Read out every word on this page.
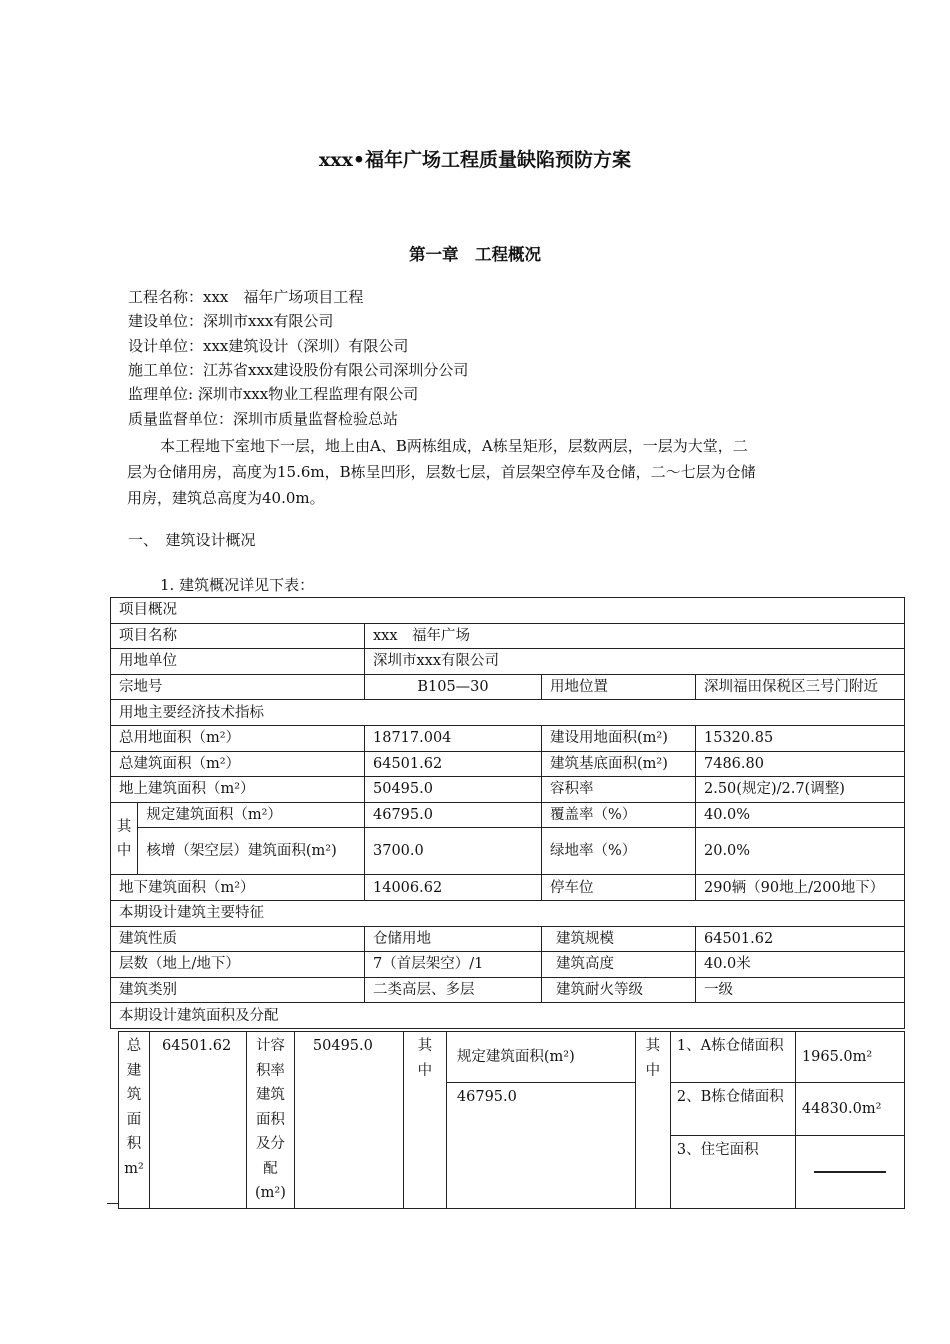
xxx•福年广场工程质量缺陷预防方案
第一章　工程概况
工程名称：xxx　福年广场项目工程
建设单位：深圳市xxx有限公司
设计单位：xxx建筑设计（深圳）有限公司
施工单位：江苏省xxx建设股份有限公司深圳分公司
监理单位: 深圳市xxx物业工程监理有限公司
质量监督单位：深圳市质量监督检验总站
本工程地下室地下一层，地上由A、B两栋组成，A栋呈矩形，层数两层，一层为大堂，二
层为仓储用房，高度为15.6m，B栋呈凹形，层数七层，首层架空停车及仓储，二～七层为仓储
用房，建筑总高度为40.0m。
一、　建筑设计概况
1. 建筑概况详见下表：
项目概况				
项目名称		xxx　福年广场		
用地单位		深圳市xxx有限公司		
宗地号		B105—30	用地位置	深圳福田保税区三号门附近
用地主要经济技术指标				
总用地面积（m²）		18717.004	建设用地面积(m²)	15320.85
总建筑面积（m²）		64501.62	建筑基底面积(m²)	7486.80
地上建筑面积（m²）		50495.0	容积率	2.50(规定)/2.7(调整)
其中	规定建筑面积（m²）	46795.0	覆盖率（%）	40.0%
	核增（架空层）建筑面积(m²)	3700.0	绿地率（%）	20.0%
地下建筑面积（m²）		14006.62	停车位	290辆（90地上/200地下）
本期设计建筑主要特征				
建筑性质		仓储用地	建筑规模	64501.62
层数（地上/地下）		7（首层架空）/1	建筑高度	40.0米
建筑类别		二类高层、多层	建筑耐火等级	一级
本期设计建筑面积及分配				
总建筑面积m²	64501.62	计容积率建筑面积及分配(m²)	50495.0	其中	规定建筑面积(m²)	其中	1、A栋仓储面积	1965.0m²
					46795.0		2、B栋仓储面积	44830.0m²
							3、住宅面积	
